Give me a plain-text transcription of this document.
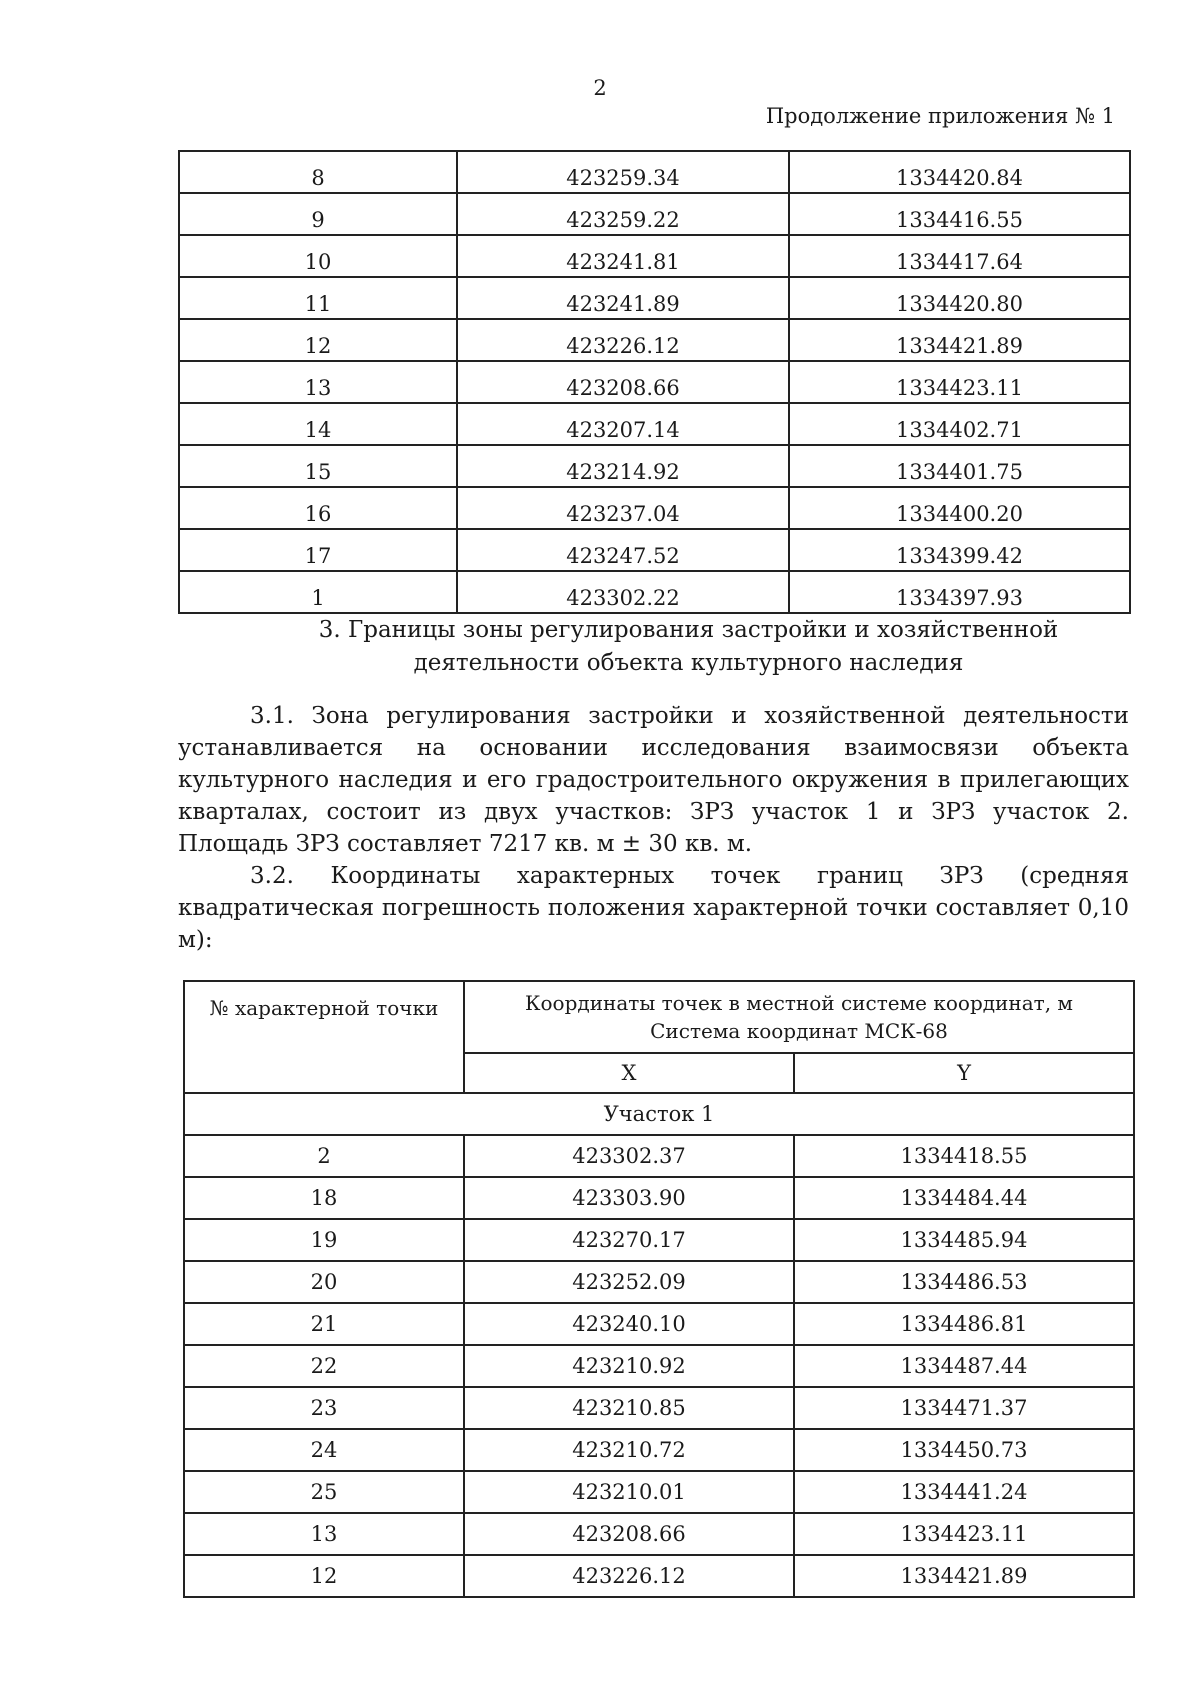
2
Продолжение приложения № 1
8	423259.34	1334420.84
9	423259.22	1334416.55
10	423241.81	1334417.64
11	423241.89	1334420.80
12	423226.12	1334421.89
13	423208.66	1334423.11
14	423207.14	1334402.71
15	423214.92	1334401.75
16	423237.04	1334400.20
17	423247.52	1334399.42
1	423302.22	1334397.93
3. Границы зоны регулирования застройки и хозяйственной
деятельности объекта культурного наследия
3.1. Зона регулирования застройки и хозяйственной деятельности устанавливается на основании исследования взаимосвязи объекта культурного наследия и его градостроительного окружения в прилегающих кварталах, состоит из двух участков: ЗРЗ участок 1 и ЗРЗ участок 2. Площадь ЗРЗ составляет 7217 кв. м ± 30 кв. м.
3.2. Координаты характерных точек границ ЗРЗ (средняя квадратическая погрешность положения характерной точки составляет 0,10 м):
№ характерной точки	Координаты точек в местной системе координат, м
Система координат МСК-68	

	X	Y
Участок 1		
2	423302.37	1334418.55
18	423303.90	1334484.44
19	423270.17	1334485.94
20	423252.09	1334486.53
21	423240.10	1334486.81
22	423210.92	1334487.44
23	423210.85	1334471.37
24	423210.72	1334450.73
25	423210.01	1334441.24
13	423208.66	1334423.11
12	423226.12	1334421.89
